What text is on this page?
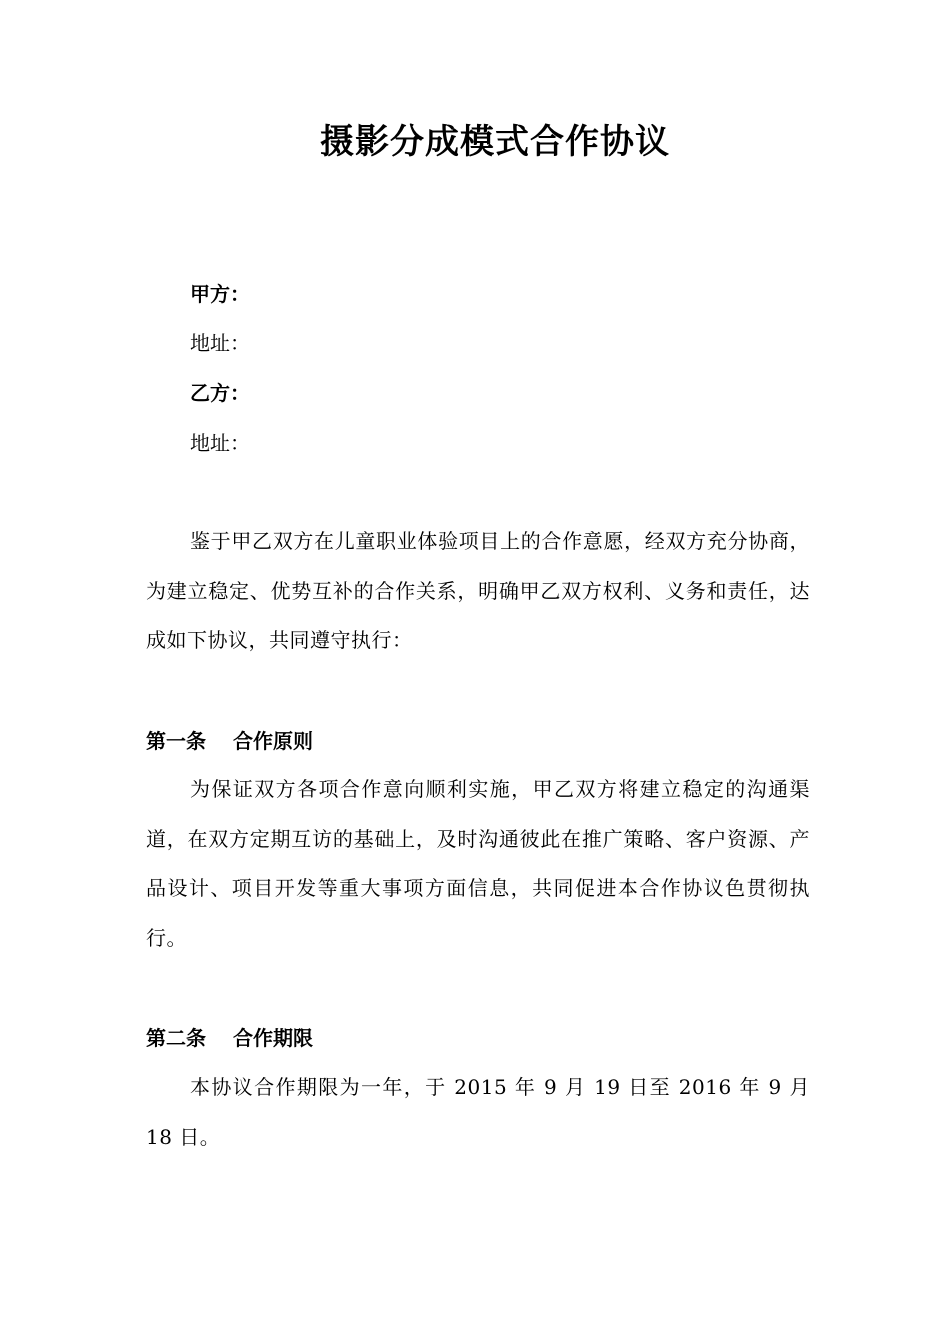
摄影分成模式合作协议
甲方：
地址：
乙方：
地址：
鉴于甲乙双方在儿童职业体验项目上的合作意愿，经双方充分协商，为建立稳定、优势互补的合作关系，明确甲乙双方权利、义务和责任，达成如下协议，共同遵守执行：
第一条　 合作原则
为保证双方各项合作意向顺利实施，甲乙双方将建立稳定的沟通渠道，在双方定期互访的基础上，及时沟通彼此在推广策略、客户资源、产品设计、项目开发等重大事项方面信息，共同促进本合作协议色贯彻执行。
第二条　 合作期限
本协议合作期限为一年，于 2015 年 9 月 19 日至 2016 年 9 月 18 日。
